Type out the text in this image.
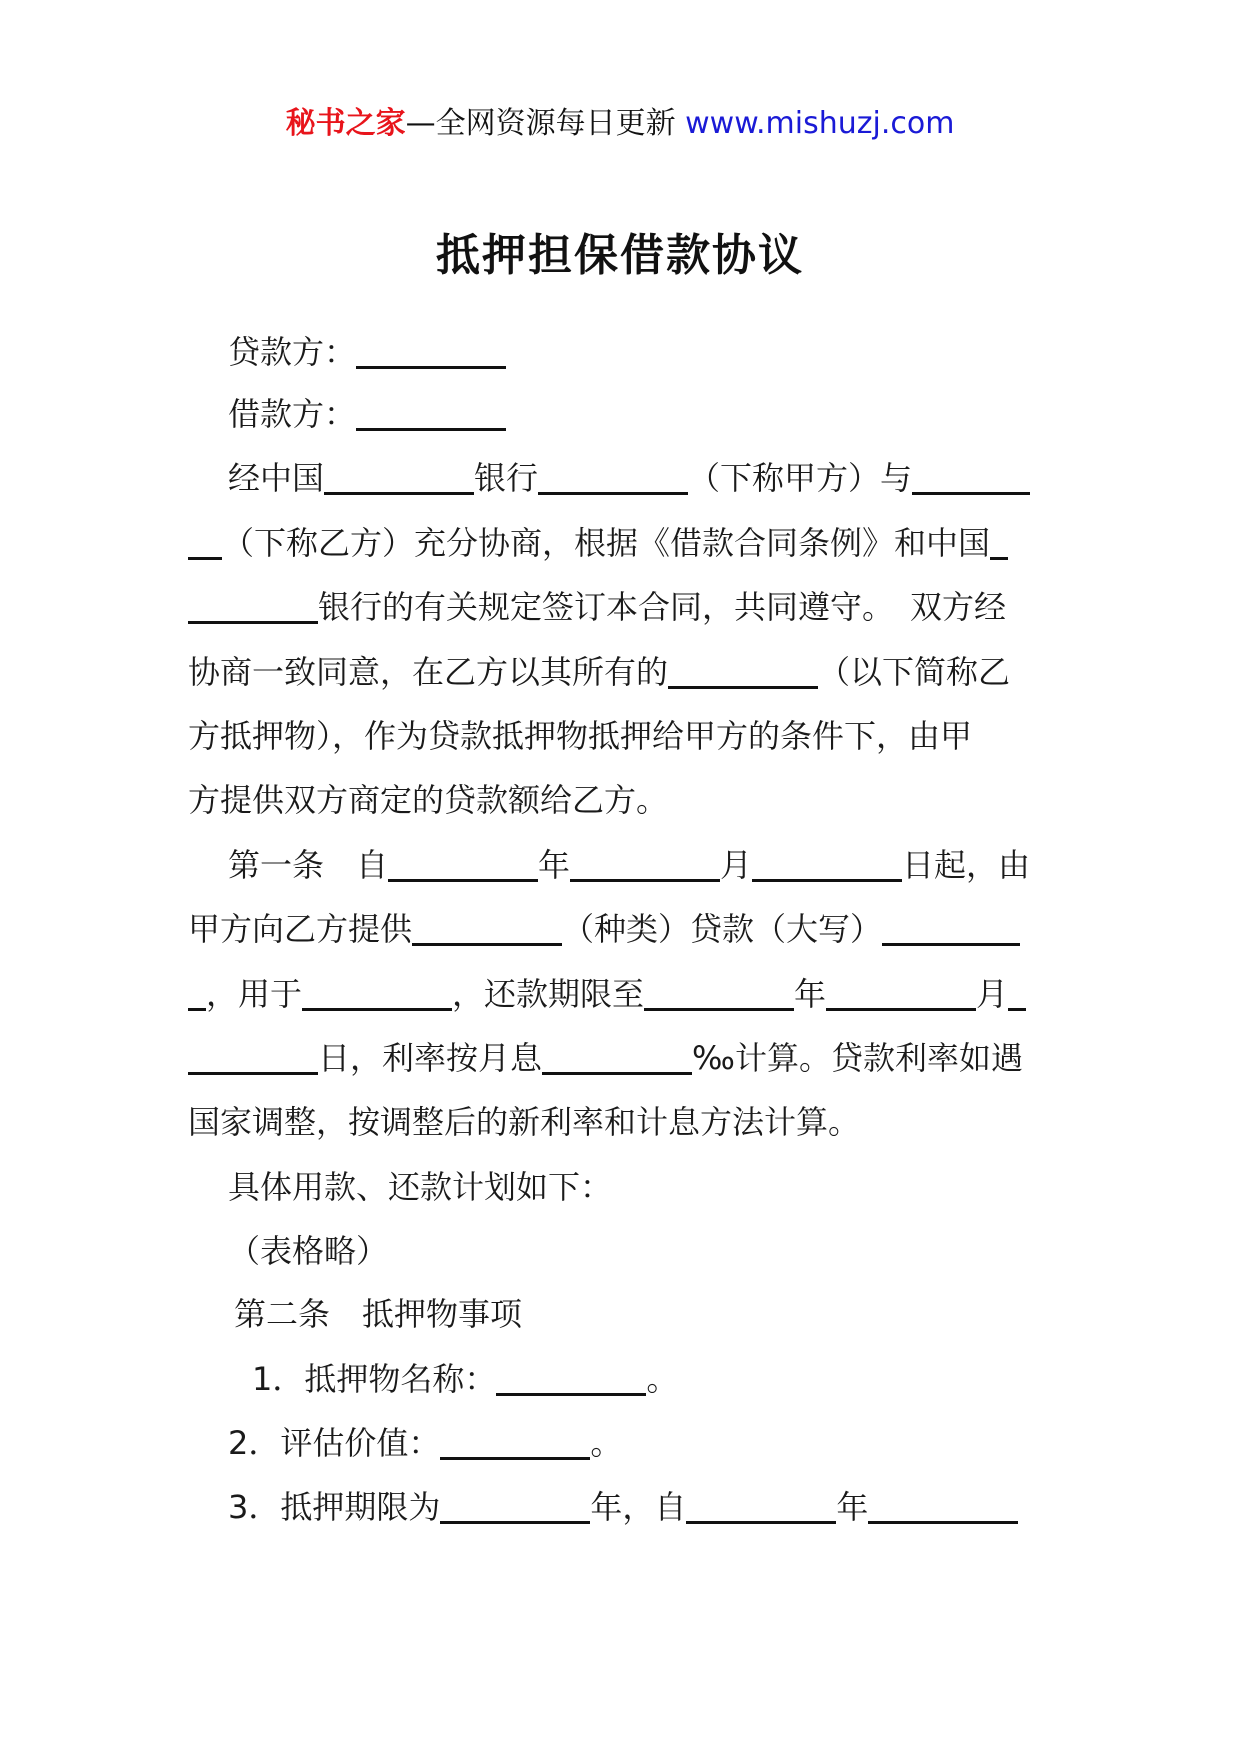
秘书之家—全网资源每日更新 www.mishuzj.com
抵押担保借款协议
贷款方：
借款方：
经中国	银行	（下称甲方）与
（下称乙方）充分协商，根据《借款合同条例》和中国
银行的有关规定签订本合同，共同遵守。　双方经
协商一致同意，在乙方以其所有的	（以下简称乙
方抵押物），作为贷款抵押物抵押给甲方的条件下，由甲
方提供双方商定的贷款额给乙方。
第一条　自	年	月	日起，由
甲方向乙方提供	（种类）贷款（大写）
，用于	，还款期限至	年	月
日，利率按月息	‰计算。贷款利率如遇
国家调整，按调整后的新利率和计息方法计算。
具体用款、还款计划如下：
（表格略）
第二条　抵押物事项
1．抵押物名称：	。
2．评估价值：	。
3．抵押期限为	年，自	年
